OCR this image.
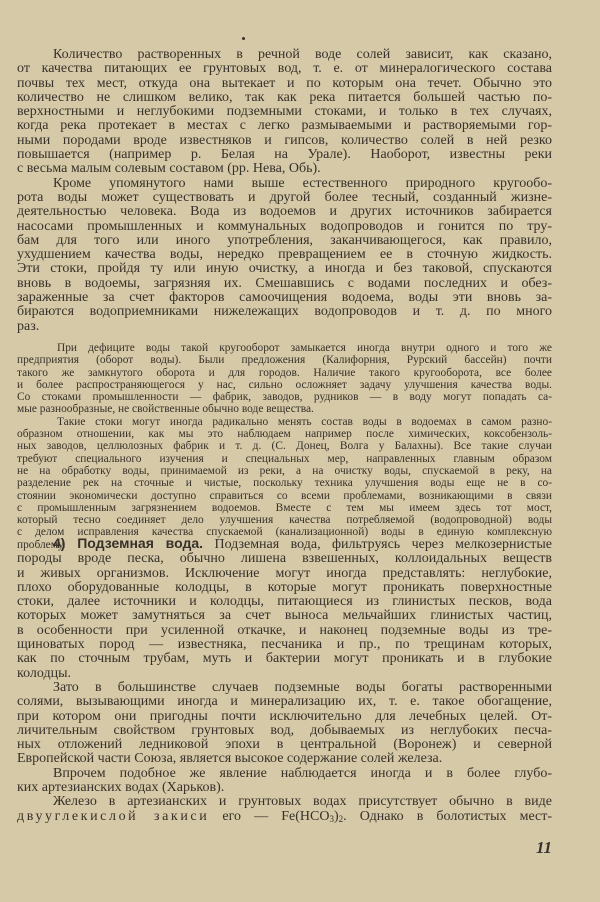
Количество растворенных в речной воде солей зависит, как сказано,
от качества питающих ее грунтовых вод, т. е. от минералогического состава
почвы тех мест, откуда она вытекает и по которым она течет. Обычно это
количество не слишком велико, так как река питается большей частью по-
верхностными и неглубокими подземными стоками, и только в тех случаях,
когда река протекает в местах с легко размываемыми и растворяемыми гор-
ными породами вроде известняков и гипсов, количество солей в ней резко
повышается (например р. Белая на Урале). Наоборот, известны реки
с весьма малым солевым составом (рр. Нева, Обь).
Кроме упомянутого нами выше естественного природного кругообо-
рота воды может существовать и другой более тесный, созданный жизне-
деятельностью человека. Вода из водоемов и других источников забирается
насосами промышленных и коммунальных водопроводов и гонится по тру-
бам для того или иного употребления, заканчивающегося, как правило,
ухудшением качества воды, нередко превращением ее в сточную жидкость.
Эти стоки, пройдя ту или иную очистку, а иногда и без таковой, спускаются
вновь в водоемы, загрязняя их. Смешавшись с водами последних и обез-
зараженные за счет факторов самоочищения водоема, воды эти вновь за-
бираются водоприемниками нижележащих водопроводов и т. д. по много
раз.
При дефиците воды такой кругооборот замыкается иногда внутри одного и того же
предприятия (оборот воды). Были предложения (Калифорния, Рурский бассейн) почти
такого же замкнутого оборота и для городов. Наличие такого кругооборота, все более
и более распространяющегося у нас, сильно осложняет задачу улучшения качества воды.
Со стоками промышленности — фабрик, заводов, рудников — в воду могут попадать са-
мые разнообразные, не свойственные обычно воде вещества.
Такие стоки могут иногда радикально менять состав воды в водоемах в самом разно-
образном отношении, как мы это наблюдаем например после химических, коксобензоль-
ных заводов, целлюлозных фабрик и т. д. (С. Донец, Волга у Балахны). Все такие случаи
требуют специального изучения и специальных мер, направленных главным образом
не на обработку воды, принимаемой из реки, а на очистку воды, спускаемой в реку, на
разделение рек на сточные и чистые, поскольку техника улучшения воды еще не в со-
стоянии экономически доступно справиться со всеми проблемами, возникающими в связи
с промышленным загрязнением водоемов. Вместе с тем мы имеем здесь тот мост,
который тесно соединяет дело улучшения качества потребляемой (водопроводной) воды
с делом исправления качества спускаемой (канализационной) воды в единую комплексную
проблему.
4) Подземная вода. Подземная вода, фильтруясь через мелкозернистые
породы вроде песка, обычно лишена взвешенных, коллоидальных веществ
и живых организмов. Исключение могут иногда представлять: неглубокие,
плохо оборудованные колодцы, в которые могут проникать поверхностные
стоки, далее источники и колодцы, питающиеся из глинистых песков, вода
которых может замутняться за счет выноса мельчайших глинистых частиц,
в особенности при усиленной откачке, и наконец подземные воды из тре-
щиноватых пород — известняка, песчаника и пр., по трещинам которых,
как по сточным трубам, муть и бактерии могут проникать и в глубокие
колодцы.
Зато в большинстве случаев подземные воды богаты растворенными
солями, вызывающими иногда и минерализацию их, т. е. такое обогащение,
при котором они пригодны почти исключительно для лечебных целей. От-
личительным свойством грунтовых вод, добываемых из неглубоких песча-
ных отложений ледниковой эпохи в центральной (Воронеж) и северной
Европейской части Союза, является высокое содержание солей железа.
Впрочем подобное же явление наблюдается иногда и в более глубо-
ких артезианских водах (Харьков).
Железо в артезианских и грунтовых водах присутствует обычно в виде
двууглекислой закиси его — $Fe(HCO_3)_2$. Однако в болотистых мест-
11
